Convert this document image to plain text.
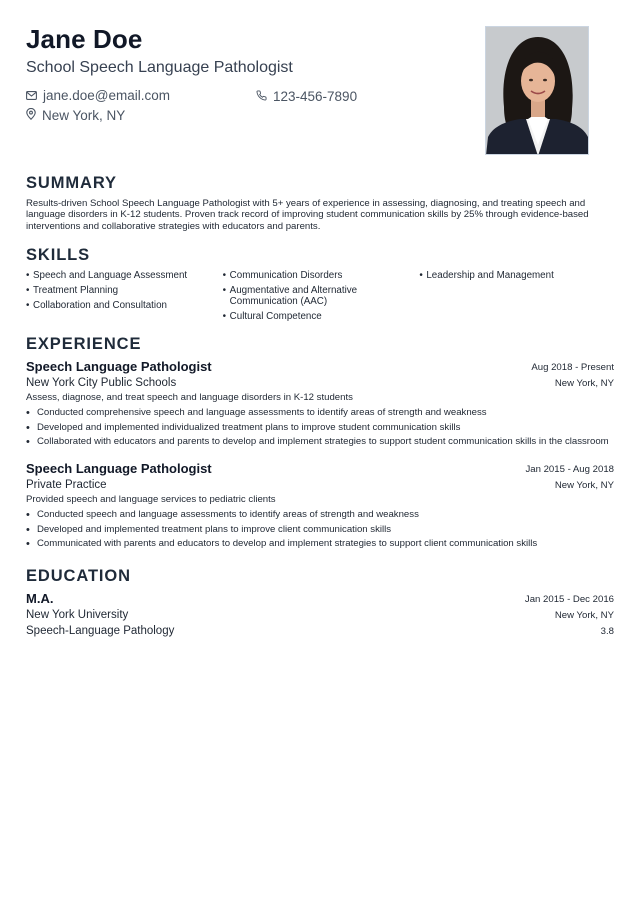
Jane Doe
School Speech Language Pathologist
jane.doe@email.com	123-456-7890
New York, NY
SUMMARY
Results-driven School Speech Language Pathologist with 5+ years of experience in assessing, diagnosing, and treating speech and language disorders in K-12 students. Proven track record of improving student communication skills by 25% through evidence-based interventions and collaborative strategies with educators and parents.
SKILLS
• Speech and Language Assessment
• Treatment Planning
• Collaboration and Consultation
• Communication Disorders
• Augmentative and Alternative Communication (AAC)
• Cultural Competence
• Leadership and Management
EXPERIENCE
Speech Language Pathologist	Aug 2018 - Present
New York City Public Schools	New York, NY
Assess, diagnose, and treat speech and language disorders in K-12 students
• Conducted comprehensive speech and language assessments to identify areas of strength and weakness
• Developed and implemented individualized treatment plans to improve student communication skills
• Collaborated with educators and parents to develop and implement strategies to support student communication skills in the classroom
Speech Language Pathologist	Jan 2015 - Aug 2018
Private Practice	New York, NY
Provided speech and language services to pediatric clients
• Conducted speech and language assessments to identify areas of strength and weakness
• Developed and implemented treatment plans to improve client communication skills
• Communicated with parents and educators to develop and implement strategies to support client communication skills
EDUCATION
M.A.	Jan 2015 - Dec 2016
New York University	New York, NY
Speech-Language Pathology	3.8
